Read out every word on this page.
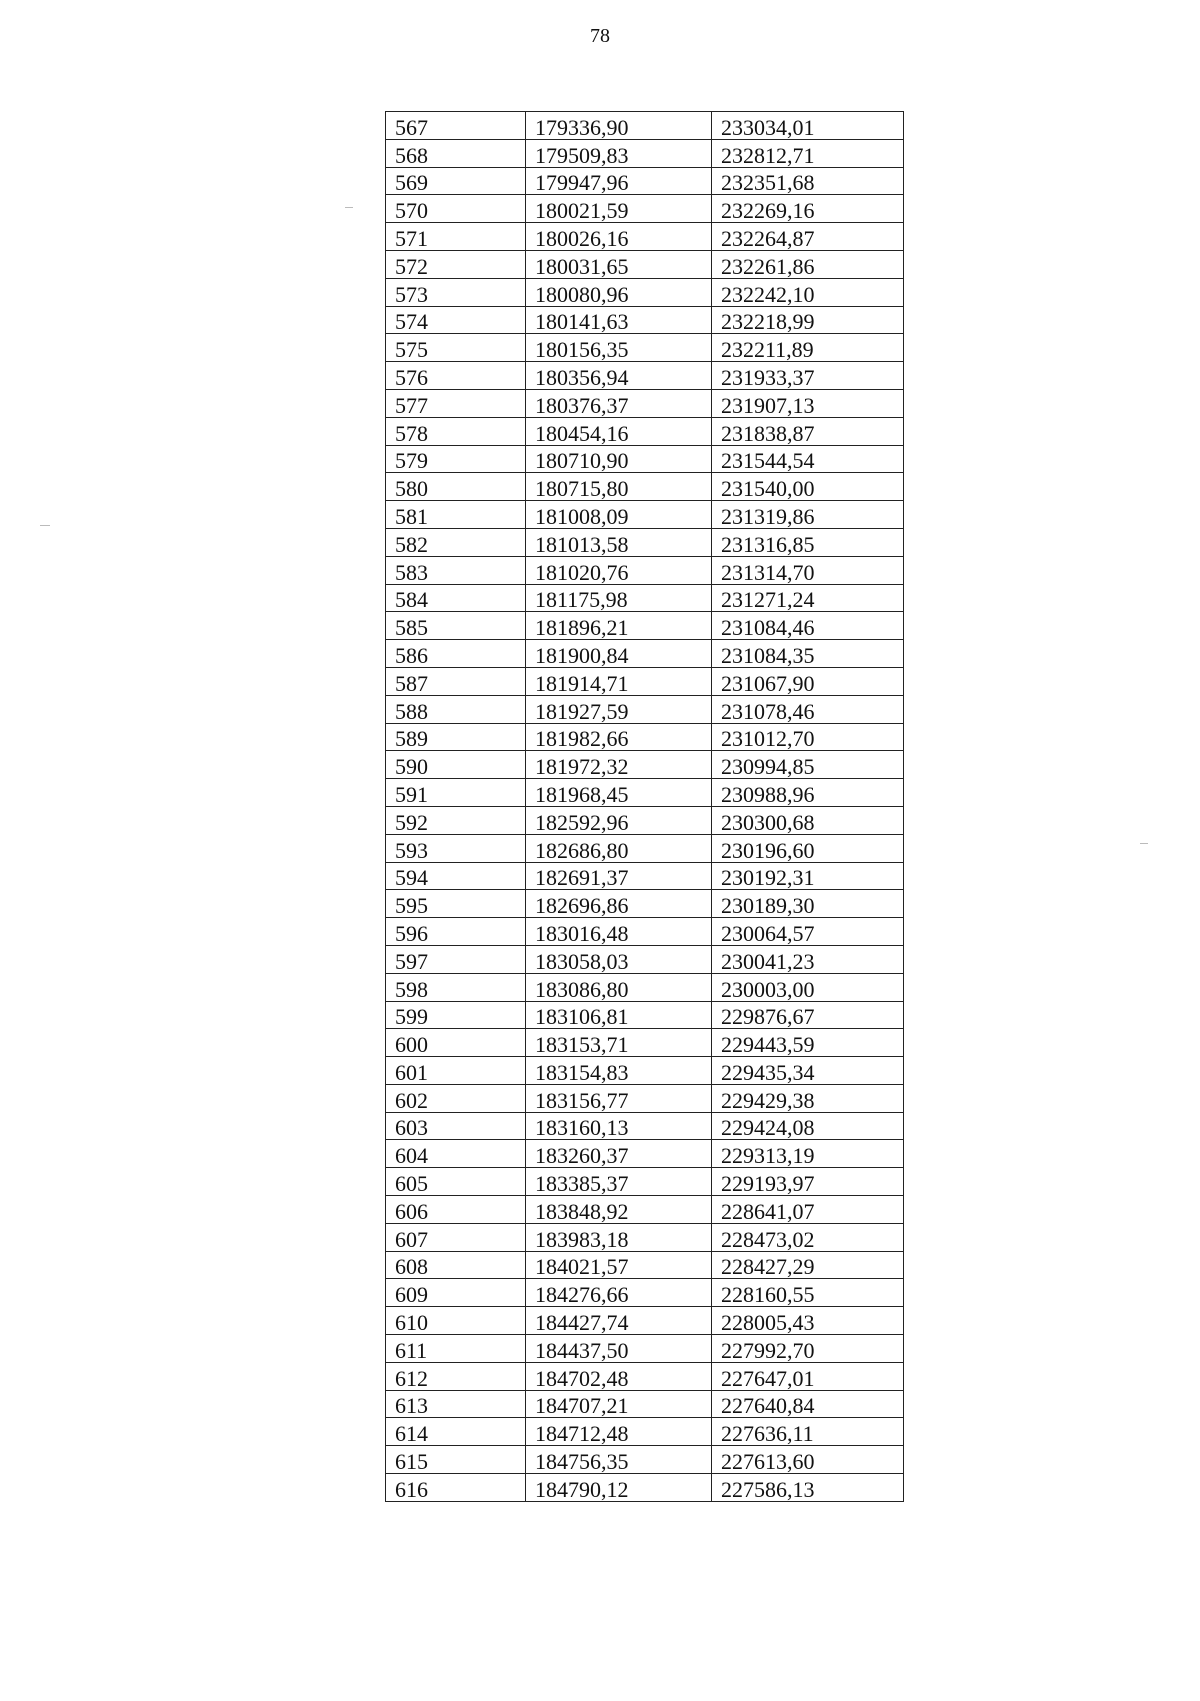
78
567	179336,90	233034,01
568	179509,83	232812,71
569	179947,96	232351,68
570	180021,59	232269,16
571	180026,16	232264,87
572	180031,65	232261,86
573	180080,96	232242,10
574	180141,63	232218,99
575	180156,35	232211,89
576	180356,94	231933,37
577	180376,37	231907,13
578	180454,16	231838,87
579	180710,90	231544,54
580	180715,80	231540,00
581	181008,09	231319,86
582	181013,58	231316,85
583	181020,76	231314,70
584	181175,98	231271,24
585	181896,21	231084,46
586	181900,84	231084,35
587	181914,71	231067,90
588	181927,59	231078,46
589	181982,66	231012,70
590	181972,32	230994,85
591	181968,45	230988,96
592	182592,96	230300,68
593	182686,80	230196,60
594	182691,37	230192,31
595	182696,86	230189,30
596	183016,48	230064,57
597	183058,03	230041,23
598	183086,80	230003,00
599	183106,81	229876,67
600	183153,71	229443,59
601	183154,83	229435,34
602	183156,77	229429,38
603	183160,13	229424,08
604	183260,37	229313,19
605	183385,37	229193,97
606	183848,92	228641,07
607	183983,18	228473,02
608	184021,57	228427,29
609	184276,66	228160,55
610	184427,74	228005,43
611	184437,50	227992,70
612	184702,48	227647,01
613	184707,21	227640,84
614	184712,48	227636,11
615	184756,35	227613,60
616	184790,12	227586,13
